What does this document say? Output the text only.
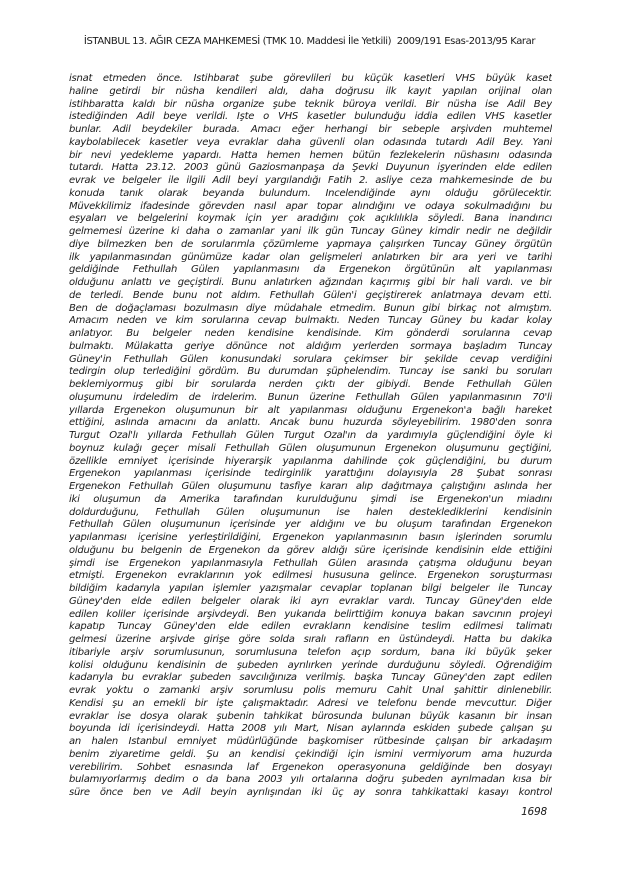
İSTANBUL 13. AĞIR CEZA MAHKEMESİ (TMK 10. Maddesi İle Yetkili)  2009/191 Esas-2013/95 Karar
isnat etmeden önce. İstihbarat şube görevlileri bu küçük kasetleri VHS büyük kaset
haline getirdi bir nüsha kendileri aldı, daha doğrusu ilk kayıt yapılan orijinal olan
istihbaratta kaldı bir nüsha organize şube teknik büroya verildi. Bir nüsha ise Adil Bey
istediğinden Adil beye verildi. İşte o VHS kasetler bulunduğu iddia edilen VHS kasetler
bunlar. Adil beydekiler burada. Amacı eğer herhangi bir sebeple arşivden muhtemel
kaybolabilecek kasetler veya evraklar daha güvenli olan odasında tutardı Adil Bey. Yani
bir nevi yedekleme yapardı. Hatta hemen hemen bütün fezlekelerin nüshasını odasında
tutardı. Hatta 23.12. 2003 günü Gaziosmanpaşa da Şevki Duyunun işyerinden elde edilen
evrak ve belgeler ile ilgili Adil beyi yargılandığı Fatih 2. asliye ceza mahkemesinde de bu
konuda tanık olarak beyanda bulundum. İncelendiğinde aynı olduğu görülecektir.
Müvekkilimiz ifadesinde görevden nasıl apar topar alındığını ve odaya sokulmadığını bu
eşyaları ve belgelerini koymak için yer aradığını çok açıklılıkla söyledi. Bana inandırıcı
gelmemesi üzerine ki daha o zamanlar yani ilk gün Tuncay Güney kimdir nedir ne değildir
diye bilmezken ben de sorularımla çözümleme yapmaya çalışırken Tuncay Güney örgütün
ilk yapılanmasından günümüze kadar olan gelişmeleri anlatırken bir ara yeri ve tarihi
geldiğinde Fethullah Gülen yapılanmasını da Ergenekon örgütünün alt yapılanması
olduğunu anlattı ve geçiştirdi. Bunu anlatırken ağzından kaçırmış gibi bir hali vardı. ve bir
de terledi. Bende bunu not aldım. Fethullah Gülen'i geçiştirerek anlatmaya devam etti.
Ben de doğaçlaması bozulmasın diye müdahale etmedim. Bunun gibi birkaç not almıştım.
Amacım neden ve kim sorularına cevap bulmaktı. Neden Tuncay Güney bu kadar kolay
anlatıyor. Bu belgeler neden kendisine kendisinde. Kim gönderdi sorularına cevap
bulmaktı. Mülakatta geriye dönünce not aldığım yerlerden sormaya başladım Tuncay
Güney'in Fethullah Gülen konusundaki sorulara çekimser bir şekilde cevap verdiğini
tedirgin olup terlediğini gördüm. Bu durumdan şüphelendim. Tuncay ise sanki bu soruları
beklemiyormuş gibi bir sorularda nerden çıktı der gibiydi. Bende Fethullah Gülen
oluşumunu irdeledim de irdelerim. Bunun üzerine Fethullah Gülen yapılanmasının 70'li
yıllarda Ergenekon oluşumunun bir alt yapılanması olduğunu Ergenekon'a bağlı hareket
ettiğini, aslında amacını da anlattı. Ancak bunu huzurda söyleyebilirim. 1980'den sonra
Turgut Özal'lı yıllarda Fethullah Gülen Turgut Özal'ın da yardımıyla güçlendiğini öyle ki
boynuz kulağı geçer misali Fethullah Gülen oluşumunun Ergenekon oluşumunu geçtiğini,
özellikle emniyet içerisinde hiyerarşik yapılanma dahilinde çok güçlendiğini, bu durum
Ergenekon yapılanması içerisinde tedirginlik yarattığını dolayısıyla 28 Şubat sonrası
Ergenekon Fethullah Gülen oluşumunu tasfiye kararı alıp dağıtmaya çalıştığını aslında her
iki oluşumun da Amerika tarafından kurulduğunu şimdi ise Ergenekon'un miadını
doldurduğunu, Fethullah Gülen oluşumunun ise halen desteklediklerini kendisinin
Fethullah Gülen oluşumunun içerisinde yer aldığını ve bu oluşum tarafından Ergenekon
yapılanması içerisine yerleştirildiğini, Ergenekon yapılanmasının basın işlerinden sorumlu
olduğunu bu belgenin de Ergenekon da görev aldığı süre içerisinde kendisinin elde ettiğini
şimdi ise Ergenekon yapılanmasıyla Fethullah Gülen arasında çatışma olduğunu beyan
etmişti. Ergenekon evraklarının yok edilmesi hususuna gelince. Ergenekon soruşturması
bildiğim kadarıyla yapılan işlemler yazışmalar cevaplar toplanan bilgi belgeler ile Tuncay
Güney'den elde edilen belgeler olarak iki ayrı evraklar vardı. Tuncay Güney'den elde
edilen koliler içerisinde arşivdeydi. Ben yukarıda belirttiğim konuya bakan savcının projeyi
kapatıp Tuncay Güney'den elde edilen evrakların kendisine teslim edilmesi talimatı
gelmesi üzerine arşivde girişe göre solda sıralı rafların en üstündeydi. Hatta bu dakika
itibariyle arşiv sorumlusunun, sorumlusuna telefon açıp sordum, bana iki büyük şeker
kolisi olduğunu kendisinin de şubeden ayrılırken yerinde durduğunu söyledi. Öğrendiğim
kadarıyla bu evraklar şubeden savcılığınıza verilmiş. başka Tuncay Güney'den zapt edilen
evrak yoktu o zamanki arşiv sorumlusu polis memuru Cahit Ünal şahittir dinlenebilir.
Kendisi şu an emekli bir işte çalışmaktadır. Adresi ve telefonu bende mevcuttur. Diğer
evraklar ise dosya olarak şubenin tahkikat bürosunda bulunan büyük kasanın bir insan
boyunda idi içerisindeydi. Hatta 2008 yılı Mart, Nisan aylarında eskiden şubede çalışan şu
an halen İstanbul emniyet müdürlüğünde başkomiser rütbesinde çalışan bir arkadaşım
benim ziyaretime geldi. Şu an kendisi çekindiği için ismini vermiyorum ama huzurda
verebilirim. Sohbet esnasında laf Ergenekon operasyonuna geldiğinde ben dosyayı
bulamıyorlarmış dedim o da bana 2003 yılı ortalarına doğru şubeden ayrılmadan kısa bir
süre önce ben ve Adil beyin ayrılışından iki üç ay sonra tahkikattaki kasayı kontrol
1698
